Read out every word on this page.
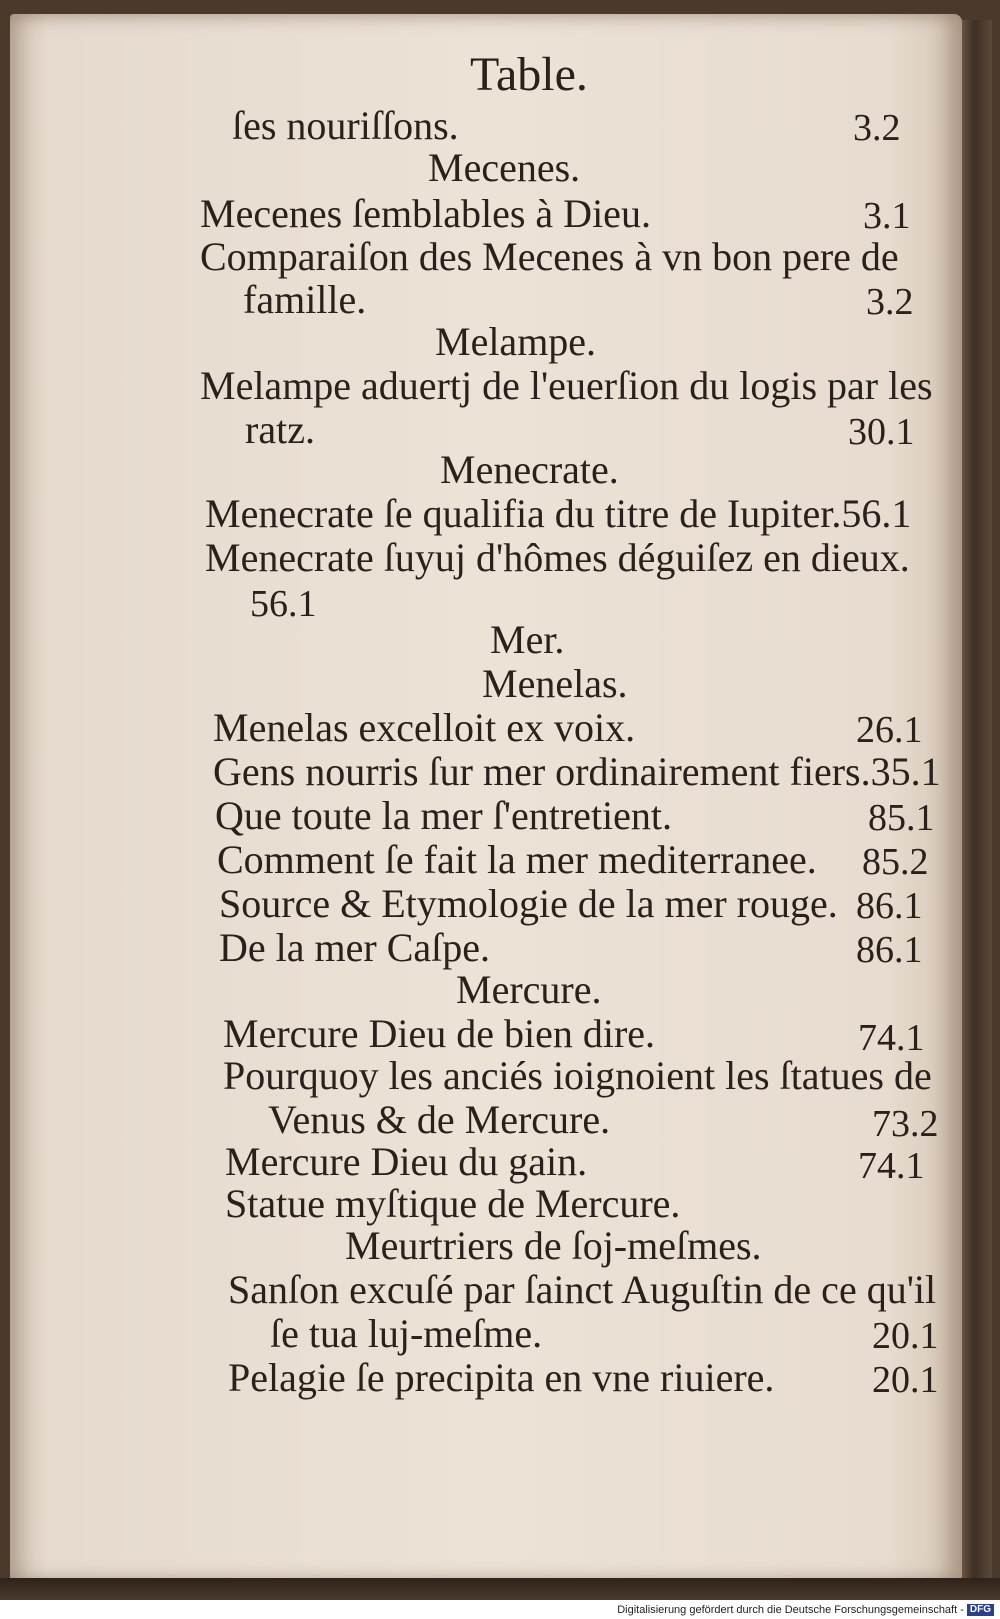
Table.
ſes nouriſſons.	3.2
Mecenes.
Mecenes ſemblables à Dieu.	3.1
Comparaiſon des Mecenes à vn bon pere de
famille.	3.2
Melampe.
Melampe aduertj de l'euerſion du logis par les
ratz.	30.1
Menecrate.
Menecrate ſe qualifia du titre de Iupiter.56.1
Menecrate ſuyuj d'hômes déguiſez en dieux.
56.1
Mer.
Menelas.
Menelas excelloit ex voix.	26.1
Gens nourris ſur mer ordinairement fiers.35.1
Que toute la mer ſ'entretient.	85.1
Comment ſe fait la mer mediterranee. 85.2
Source & Etymologie de la mer rouge. 86.1
De la mer Caſpe.	86.1
Mercure.
Mercure Dieu de bien dire.	74.1
Pourquoy les anciés ioignoient les ſtatues de
Venus & de Mercure.	73.2
Mercure Dieu du gain.	74.1
Statue myſtique de Mercure.
Meurtriers de ſoj-meſmes.
Sanſon excuſé par ſainct Auguſtin de ce qu'il
ſe tua luj-meſme.	20.1
Pelagie ſe precipita en vne riuiere.	20.1
Digitalisierung gefördert durch die Deutsche Forschungsgemeinschaft - DFG
